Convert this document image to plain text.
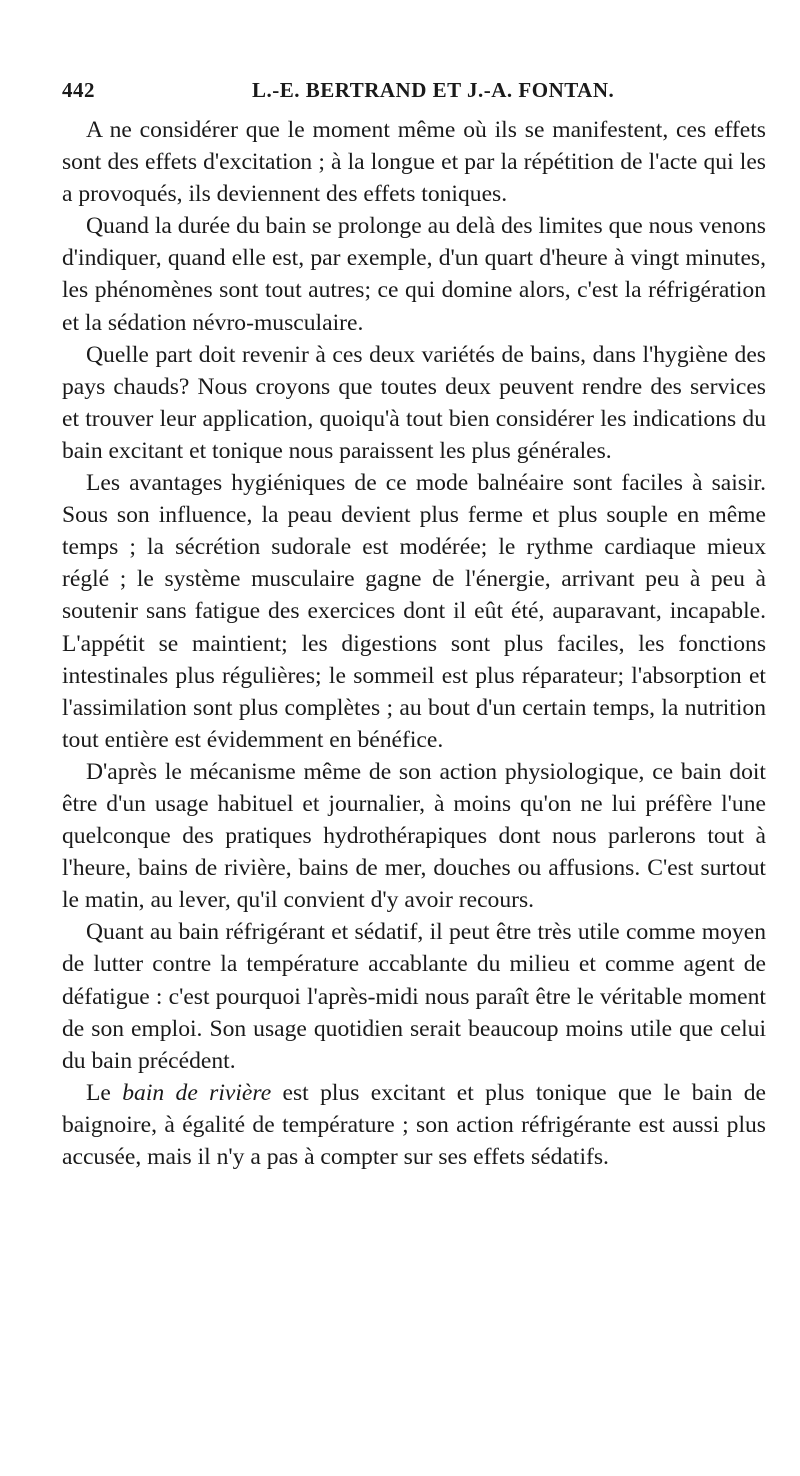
442	L.-E. BERTRAND ET J.-A. FONTAN.

A ne considérer que le moment même où ils se manifestent, ces effets sont des effets d'excitation ; à la longue et par la répétition de l'acte qui les a provoqués, ils deviennent des effets toniques.

Quand la durée du bain se prolonge au delà des limites que nous venons d'indiquer, quand elle est, par exemple, d'un quart d'heure à vingt minutes, les phénomènes sont tout autres; ce qui domine alors, c'est la réfrigération et la sédation névro-musculaire.

Quelle part doit revenir à ces deux variétés de bains, dans l'hygiène des pays chauds? Nous croyons que toutes deux peuvent rendre des services et trouver leur application, quoiqu'à tout bien considérer les indications du bain excitant et tonique nous paraissent les plus générales.

Les avantages hygiéniques de ce mode balnéaire sont faciles à saisir. Sous son influence, la peau devient plus ferme et plus souple en même temps ; la sécrétion sudorale est modérée; le rythme cardiaque mieux réglé ; le système musculaire gagne de l'énergie, arrivant peu à peu à soutenir sans fatigue des exercices dont il eût été, auparavant, incapable. L'appétit se maintient; les digestions sont plus faciles, les fonctions intestinales plus régulières; le sommeil est plus réparateur; l'absorption et l'assimilation sont plus complètes ; au bout d'un certain temps, la nutrition tout entière est évidemment en bénéfice.

D'après le mécanisme même de son action physiologique, ce bain doit être d'un usage habituel et journalier, à moins qu'on ne lui préfère l'une quelconque des pratiques hydrothérapiques dont nous parlerons tout à l'heure, bains de rivière, bains de mer, douches ou affusions. C'est surtout le matin, au lever, qu'il convient d'y avoir recours.

Quant au bain réfrigérant et sédatif, il peut être très utile comme moyen de lutter contre la température accablante du milieu et comme agent de défatigue : c'est pourquoi l'après-midi nous paraît être le véritable moment de son emploi. Son usage quotidien serait beaucoup moins utile que celui du bain précédent.

Le bain de rivière est plus excitant et plus tonique que le bain de baignoire, à égalité de température ; son action réfrigérante est aussi plus accusée, mais il n'y a pas à compter sur ses effets sédatifs.
